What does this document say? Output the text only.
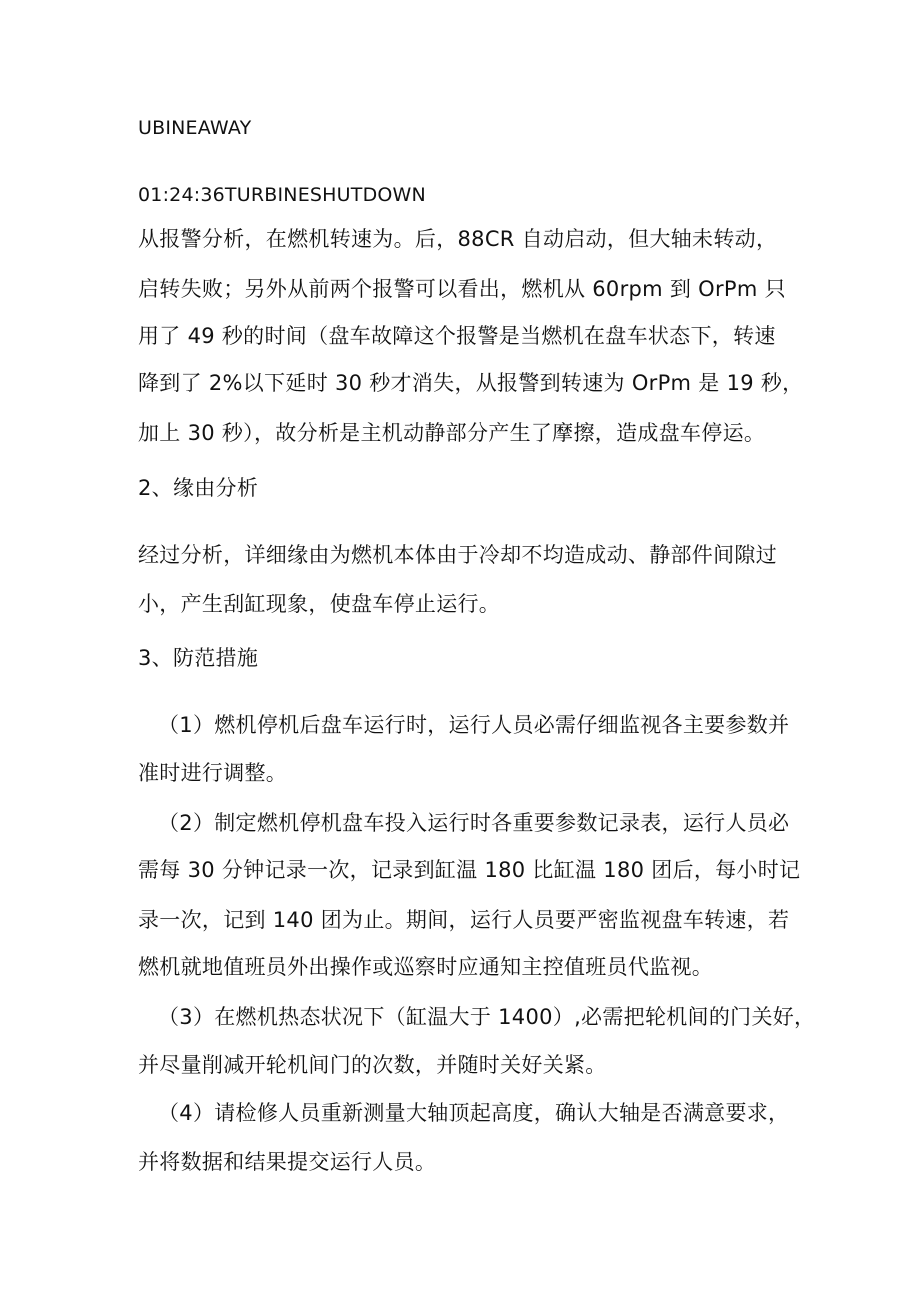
UBINEAWAY
01:24:36TURBINESHUTDOWN
从报警分析，在燃机转速为。后，88CR 自动启动，但大轴未转动，
启转失败；另外从前两个报警可以看出，燃机从 60rpm 到 OrPm 只
用了 49 秒的时间（盘车故障这个报警是当燃机在盘车状态下，转速
降到了 2%以下延时 30 秒才消失，从报警到转速为 OrPm 是 19 秒，
加上 30 秒），故分析是主机动静部分产生了摩擦，造成盘车停运。
2、缘由分析
经过分析，详细缘由为燃机本体由于冷却不均造成动、静部件间隙过
小，产生刮缸现象，使盘车停止运行。
3、防范措施
（1）燃机停机后盘车运行时，运行人员必需仔细监视各主要参数并
准时进行调整。
（2）制定燃机停机盘车投入运行时各重要参数记录表，运行人员必
需每 30 分钟记录一次，记录到缸温 180 比缸温 180 团后，每小时记
录一次，记到 140 团为止。期间，运行人员要严密监视盘车转速，若
燃机就地值班员外出操作或巡察时应通知主控值班员代监视。
（3）在燃机热态状况下（缸温大于 1400）,必需把轮机间的门关好，
并尽量削减开轮机间门的次数，并随时关好关紧。
（4）请检修人员重新测量大轴顶起高度，确认大轴是否满意要求，
并将数据和结果提交运行人员。
